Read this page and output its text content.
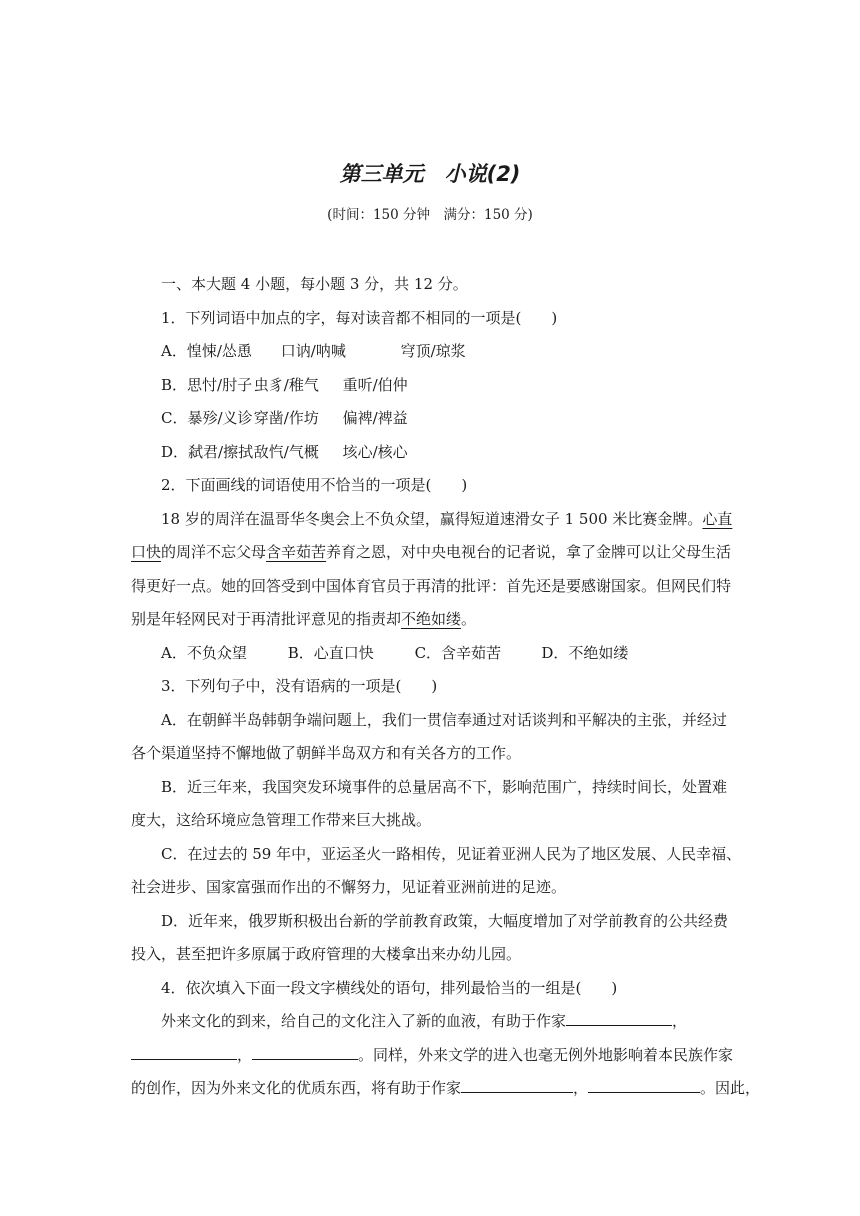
第三单元　小说(2)
(时间：150 分钟　满分：150 分)
一、本大题 4 小题，每小题 3 分，共 12 分。
1．下列词语中加点的字，每对读音都不相同的一项是(　　)
A．惶悚/怂恿 口讷/呐喊	穹顶/琼浆
B．思忖/肘子 虫豸/稚气 重听/伯仲
C．暴殄/义诊 穿凿/作坊 偏裨/裨益
D．弑君/擦拭 敌忾/气概 垓心/核心
2．下面画线的词语使用不恰当的一项是(　　)
18 岁的周洋在温哥华冬奥会上不负众望，赢得短道速滑女子 1 500 米比赛金牌。心直
口快的周洋不忘父母含辛茹苦养育之恩，对中央电视台的记者说，拿了金牌可以让父母生活
得更好一点。她的回答受到中国体育官员于再清的批评：首先还是要感谢国家。但网民们特
别是年轻网民对于再清批评意见的指责却不绝如缕。
A．不负众望	B．心直口快	C．含辛茹苦	D．不绝如缕
3．下列句子中，没有语病的一项是(　　)
A．在朝鲜半岛韩朝争端问题上，我们一贯信奉通过对话谈判和平解决的主张，并经过
各个渠道坚持不懈地做了朝鲜半岛双方和有关各方的工作。
B．近三年来，我国突发环境事件的总量居高不下，影响范围广，持续时间长，处置难
度大，这给环境应急管理工作带来巨大挑战。
C．在过去的 59 年中，亚运圣火一路相传，见证着亚洲人民为了地区发展、人民幸福、
社会进步、国家富强而作出的不懈努力，见证着亚洲前进的足迹。
D．近年来，俄罗斯积极出台新的学前教育政策，大幅度增加了对学前教育的公共经费
投入，甚至把许多原属于政府管理的大楼拿出来办幼儿园。
4．依次填入下面一段文字横线处的语句，排列最恰当的一组是(　　)
外来文化的到来，给自己的文化注入了新的血液，有助于作家	，
，	。同样，外来文学的进入也毫无例外地影响着本民族作家
的创作，因为外来文化的优质东西，将有助于作家	，	。因此，
